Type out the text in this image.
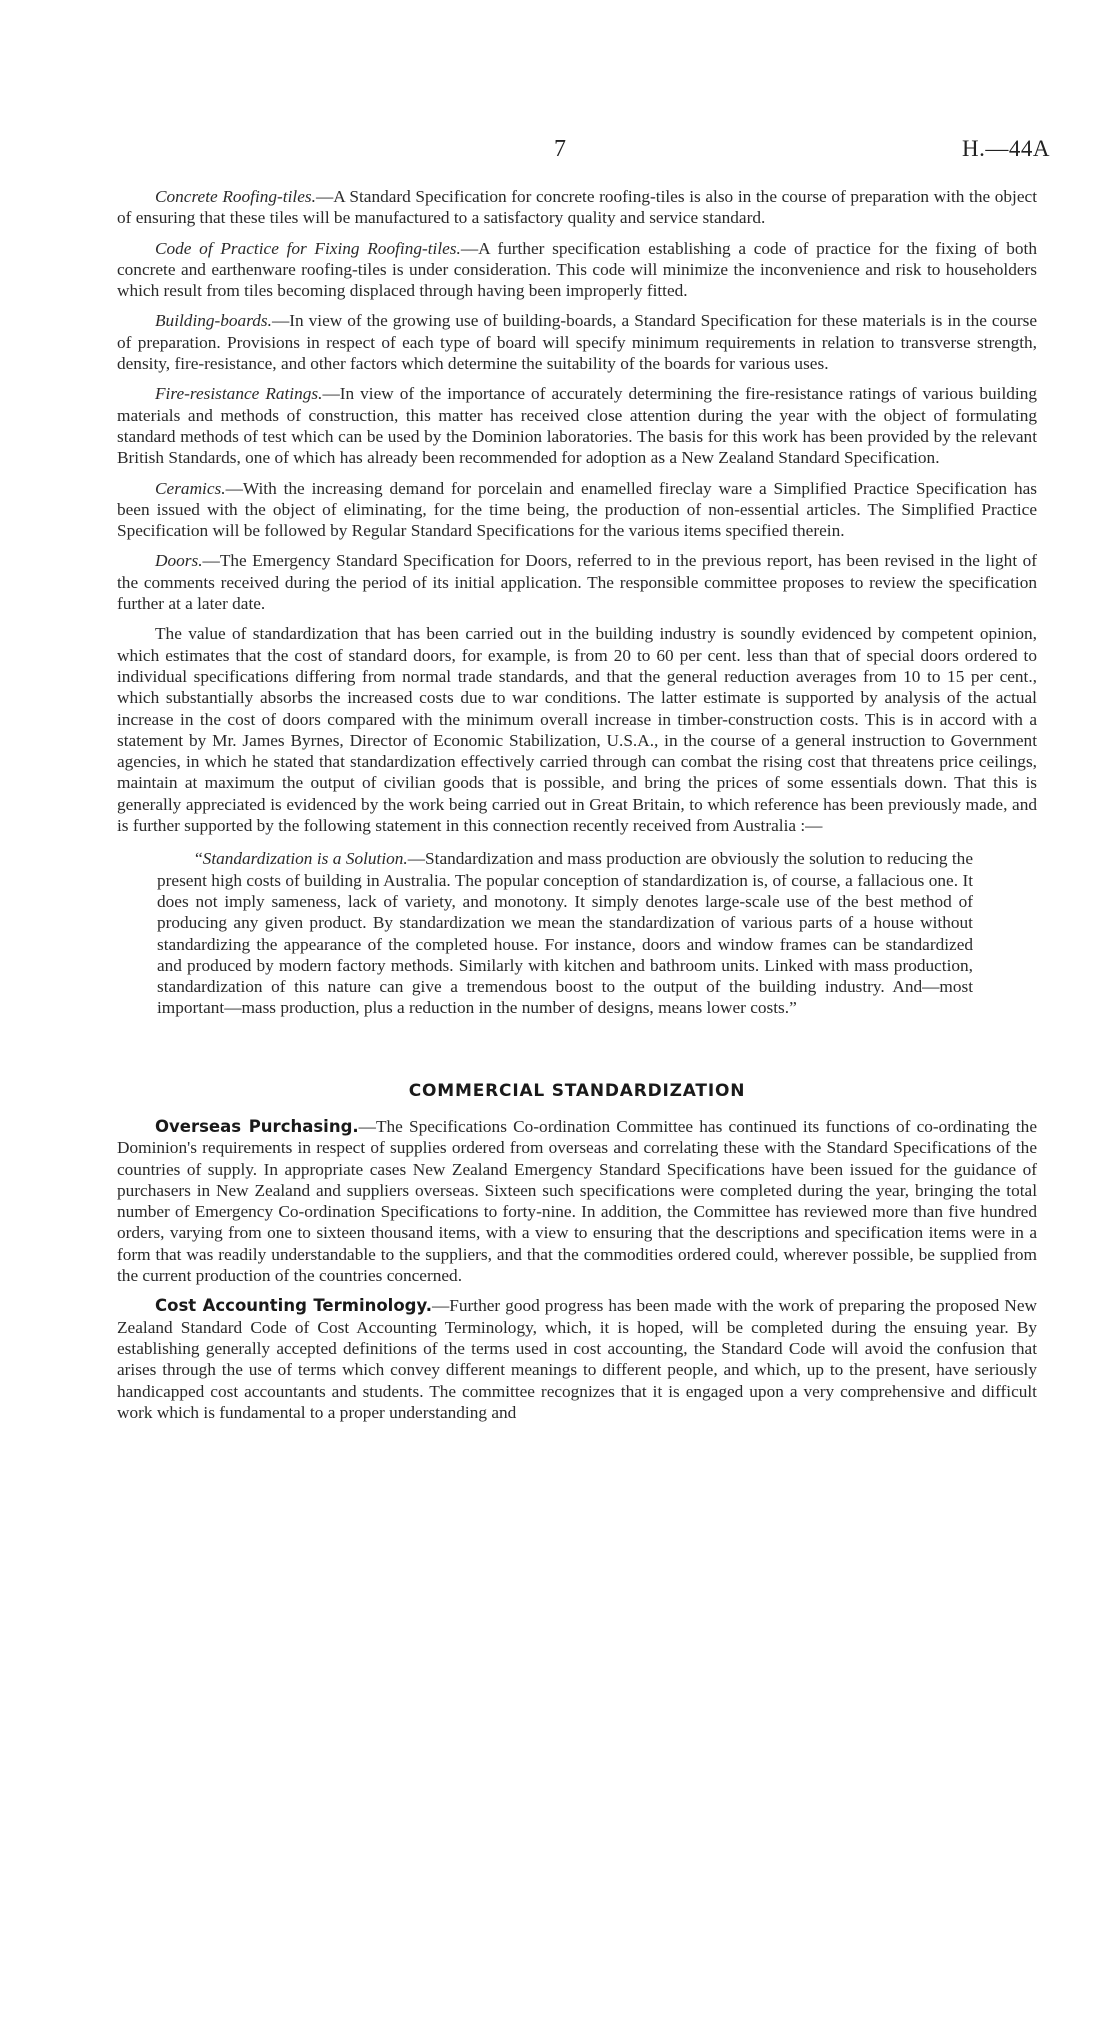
7	H.—44A

Concrete Roofing-tiles.—A Standard Specification for concrete roofing-tiles is also in the course of preparation with the object of ensuring that these tiles will be manufactured to a satisfactory quality and service standard.

Code of Practice for Fixing Roofing-tiles.—A further specification establishing a code of practice for the fixing of both concrete and earthenware roofing-tiles is under consideration. This code will minimize the inconvenience and risk to householders which result from tiles becoming displaced through having been improperly fitted.

Building-boards.—In view of the growing use of building-boards, a Standard Specification for these materials is in the course of preparation. Provisions in respect of each type of board will specify minimum requirements in relation to transverse strength, density, fire-resistance, and other factors which determine the suitability of the boards for various uses.

Fire-resistance Ratings.—In view of the importance of accurately determining the fire-resistance ratings of various building materials and methods of construction, this matter has received close attention during the year with the object of formulating standard methods of test which can be used by the Dominion laboratories. The basis for this work has been provided by the relevant British Standards, one of which has already been recommended for adoption as a New Zealand Standard Specification.

Ceramics.—With the increasing demand for porcelain and enamelled fireclay ware a Simplified Practice Specification has been issued with the object of eliminating, for the time being, the production of non-essential articles. The Simplified Practice Specification will be followed by Regular Standard Specifications for the various items specified therein.

Doors.—The Emergency Standard Specification for Doors, referred to in the previous report, has been revised in the light of the comments received during the period of its initial application. The responsible committee proposes to review the specification further at a later date.

The value of standardization that has been carried out in the building industry is soundly evidenced by competent opinion, which estimates that the cost of standard doors, for example, is from 20 to 60 per cent. less than that of special doors ordered to individual specifications differing from normal trade standards, and that the general reduction averages from 10 to 15 per cent., which substantially absorbs the increased costs due to war conditions. The latter estimate is supported by analysis of the actual increase in the cost of doors compared with the minimum overall increase in timber-construction costs. This is in accord with a statement by Mr. James Byrnes, Director of Economic Stabilization, U.S.A., in the course of a general instruction to Government agencies, in which he stated that standardization effectively carried through can combat the rising cost that threatens price ceilings, maintain at maximum the output of civilian goods that is possible, and bring the prices of some essentials down. That this is generally appreciated is evidenced by the work being carried out in Great Britain, to which reference has been previously made, and is further supported by the following statement in this connection recently received from Australia :—

“Standardization is a Solution.—Standardization and mass production are obviously the solution to reducing the present high costs of building in Australia. The popular conception of standardization is, of course, a fallacious one. It does not imply sameness, lack of variety, and monotony. It simply denotes large-scale use of the best method of producing any given product. By standardization we mean the standardization of various parts of a house without standardizing the appearance of the completed house. For instance, doors and window frames can be standardized and produced by modern factory methods. Similarly with kitchen and bathroom units. Linked with mass production, standardization of this nature can give a tremendous boost to the output of the building industry. And—most important—mass production, plus a reduction in the number of designs, means lower costs.”

COMMERCIAL STANDARDIZATION

Overseas Purchasing.—The Specifications Co-ordination Committee has continued its functions of co-ordinating the Dominion's requirements in respect of supplies ordered from overseas and correlating these with the Standard Specifications of the countries of supply. In appropriate cases New Zealand Emergency Standard Specifications have been issued for the guidance of purchasers in New Zealand and suppliers overseas. Sixteen such specifications were completed during the year, bringing the total number of Emergency Co-ordination Specifications to forty-nine. In addition, the Committee has reviewed more than five hundred orders, varying from one to sixteen thousand items, with a view to ensuring that the descriptions and specification items were in a form that was readily understandable to the suppliers, and that the commodities ordered could, wherever possible, be supplied from the current production of the countries concerned.

Cost Accounting Terminology.—Further good progress has been made with the work of preparing the proposed New Zealand Standard Code of Cost Accounting Terminology, which, it is hoped, will be completed during the ensuing year. By establishing generally accepted definitions of the terms used in cost accounting, the Standard Code will avoid the confusion that arises through the use of terms which convey different meanings to different people, and which, up to the present, have seriously handicapped cost accountants and students. The committee recognizes that it is engaged upon a very comprehensive and difficult work which is fundamental to a proper understanding and
